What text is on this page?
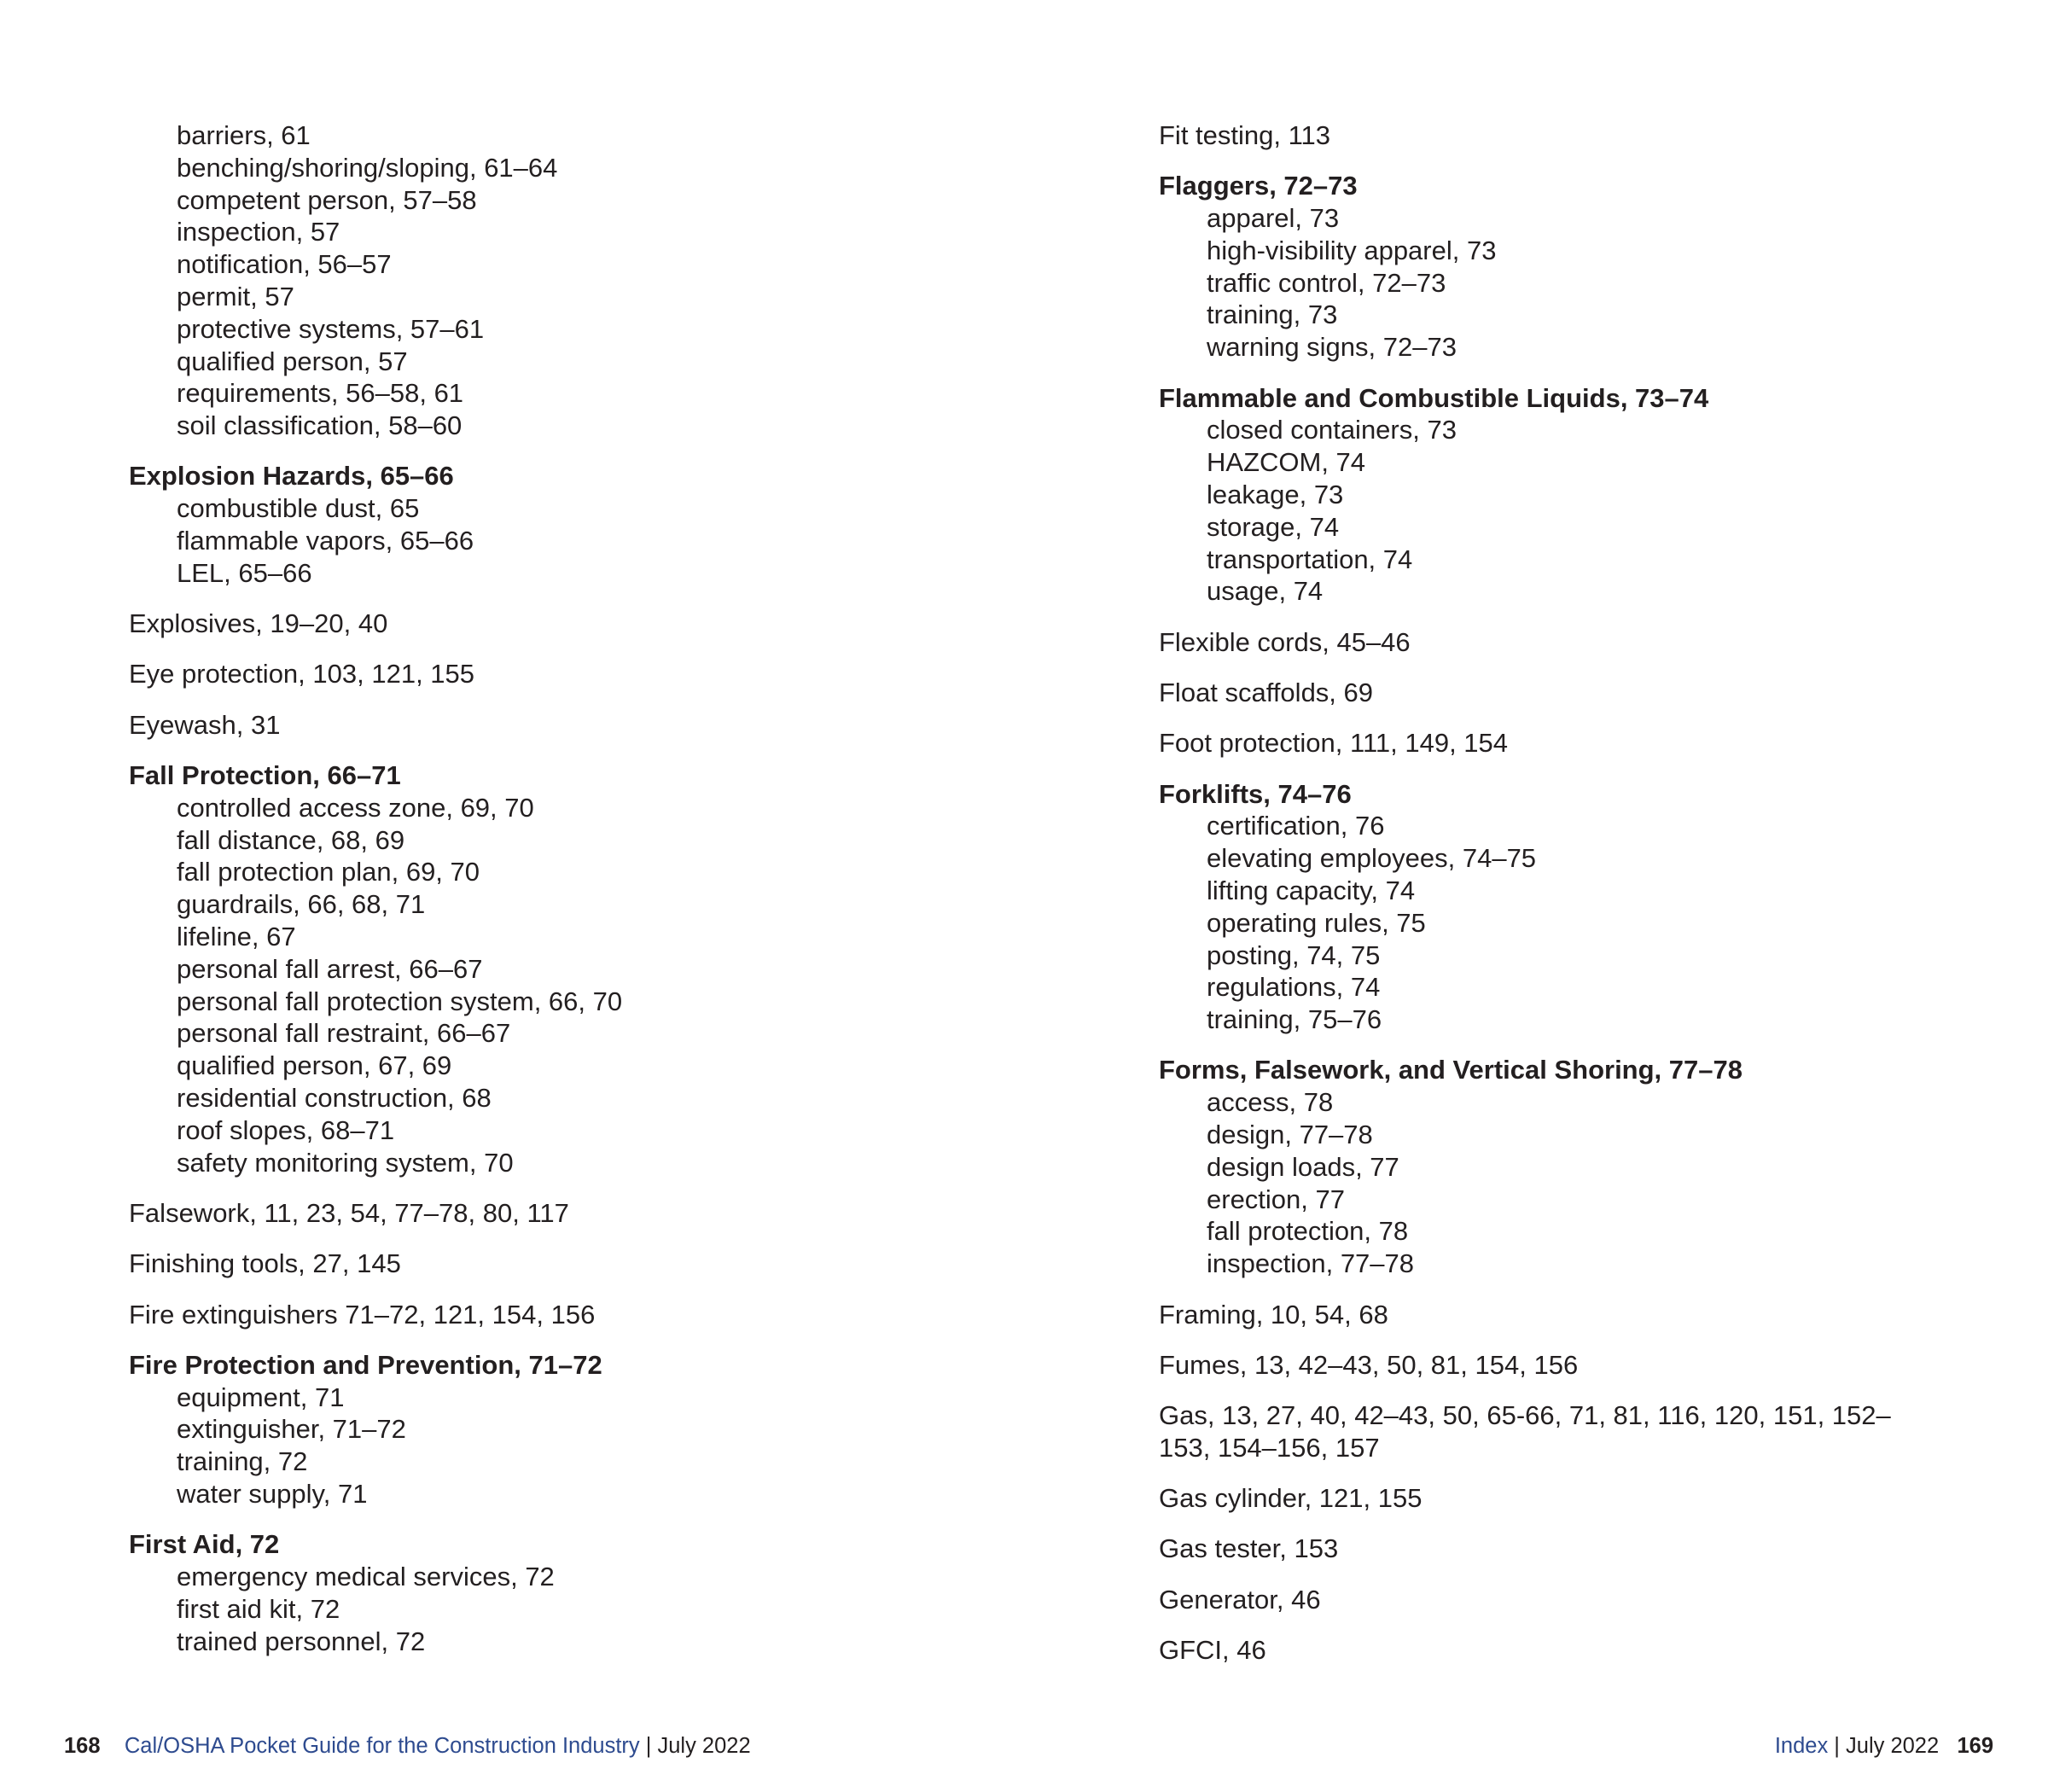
barriers, 61
benching/shoring/sloping, 61–64
competent person, 57–58
inspection, 57
notification, 56–57
permit, 57
protective systems, 57–61
qualified person, 57
requirements, 56–58, 61
soil classification, 58–60
Explosion Hazards, 65–66
combustible dust, 65
flammable vapors, 65–66
LEL, 65–66
Explosives, 19–20, 40
Eye protection, 103, 121, 155
Eyewash, 31
Fall Protection, 66–71
controlled access zone, 69, 70
fall distance, 68, 69
fall protection plan, 69, 70
guardrails, 66, 68, 71
lifeline, 67
personal fall arrest, 66–67
personal fall protection system, 66, 70
personal fall restraint, 66–67
qualified person, 67, 69
residential construction, 68
roof slopes, 68–71
safety monitoring system, 70
Falsework, 11, 23, 54, 77–78, 80, 117
Finishing tools, 27, 145
Fire extinguishers 71–72, 121, 154, 156
Fire Protection and Prevention, 71–72
equipment, 71
extinguisher, 71–72
training, 72
water supply, 71
First Aid, 72
emergency medical services, 72
first aid kit, 72
trained personnel, 72
Fit testing, 113
Flaggers, 72–73
apparel, 73
high-visibility apparel, 73
traffic control, 72–73
training, 73
warning signs, 72–73
Flammable and Combustible Liquids, 73–74
closed containers, 73
HAZCOM, 74
leakage, 73
storage, 74
transportation, 74
usage, 74
Flexible cords, 45–46
Float scaffolds, 69
Foot protection, 111, 149, 154
Forklifts, 74–76
certification, 76
elevating employees, 74–75
lifting capacity, 74
operating rules, 75
posting, 74, 75
regulations, 74
training, 75–76
Forms, Falsework, and Vertical Shoring, 77–78
access, 78
design, 77–78
design loads, 77
erection, 77
fall protection, 78
inspection, 77–78
Framing, 10, 54, 68
Fumes, 13, 42–43, 50, 81, 154, 156
Gas, 13, 27, 40, 42–43, 50, 65-66, 71, 81, 116, 120, 151, 152–153, 154–156, 157
Gas cylinder, 121, 155
Gas tester, 153
Generator, 46
GFCI, 46
168 Cal/OSHA Pocket Guide for the Construction Industry | July 2022	Index | July 2022 169
